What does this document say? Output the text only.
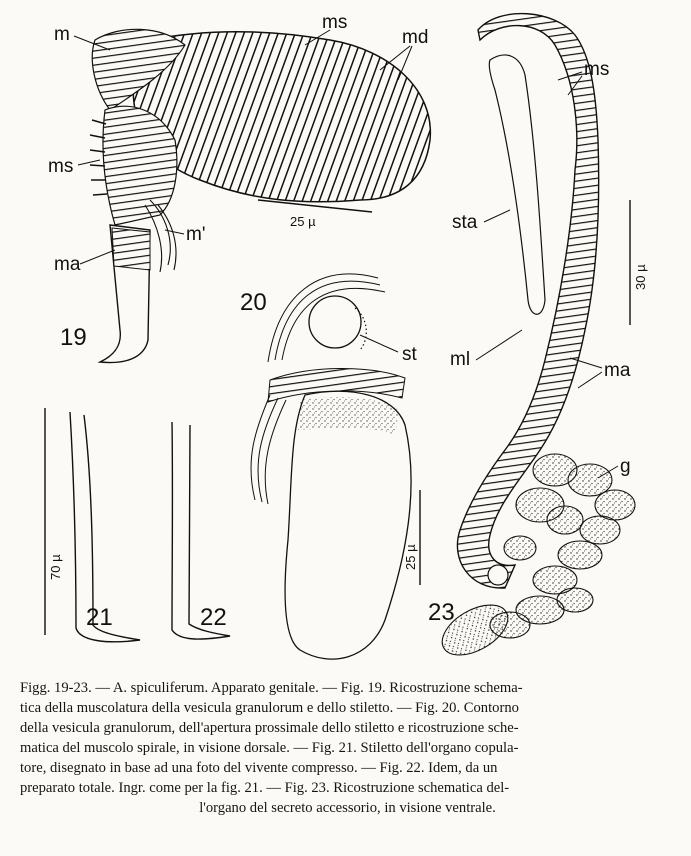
25 µ
m
ms
md
ms
m'
ma
19
25 µ
20
st
70 µ
21	22
30 µ
ms
sta
ml
ma
g
23
Figg. 19-23. — A. spiculiferum. Apparato genitale. — Fig. 19. Ricostruzione schema-
tica della muscolatura della vesicula granulorum e dello stiletto. — Fig. 20. Contorno
della vesicula granulorum, dell'apertura prossimale dello stiletto e ricostruzione sche-
matica del muscolo spirale, in visione dorsale. — Fig. 21. Stiletto dell'organo copula-
tore, disegnato in base ad una foto del vivente compresso. — Fig. 22. Idem, da un
preparato totale. Ingr. come per la fig. 21. — Fig. 23. Ricostruzione schematica del-
l'organo del secreto accessorio, in visione ventrale.
